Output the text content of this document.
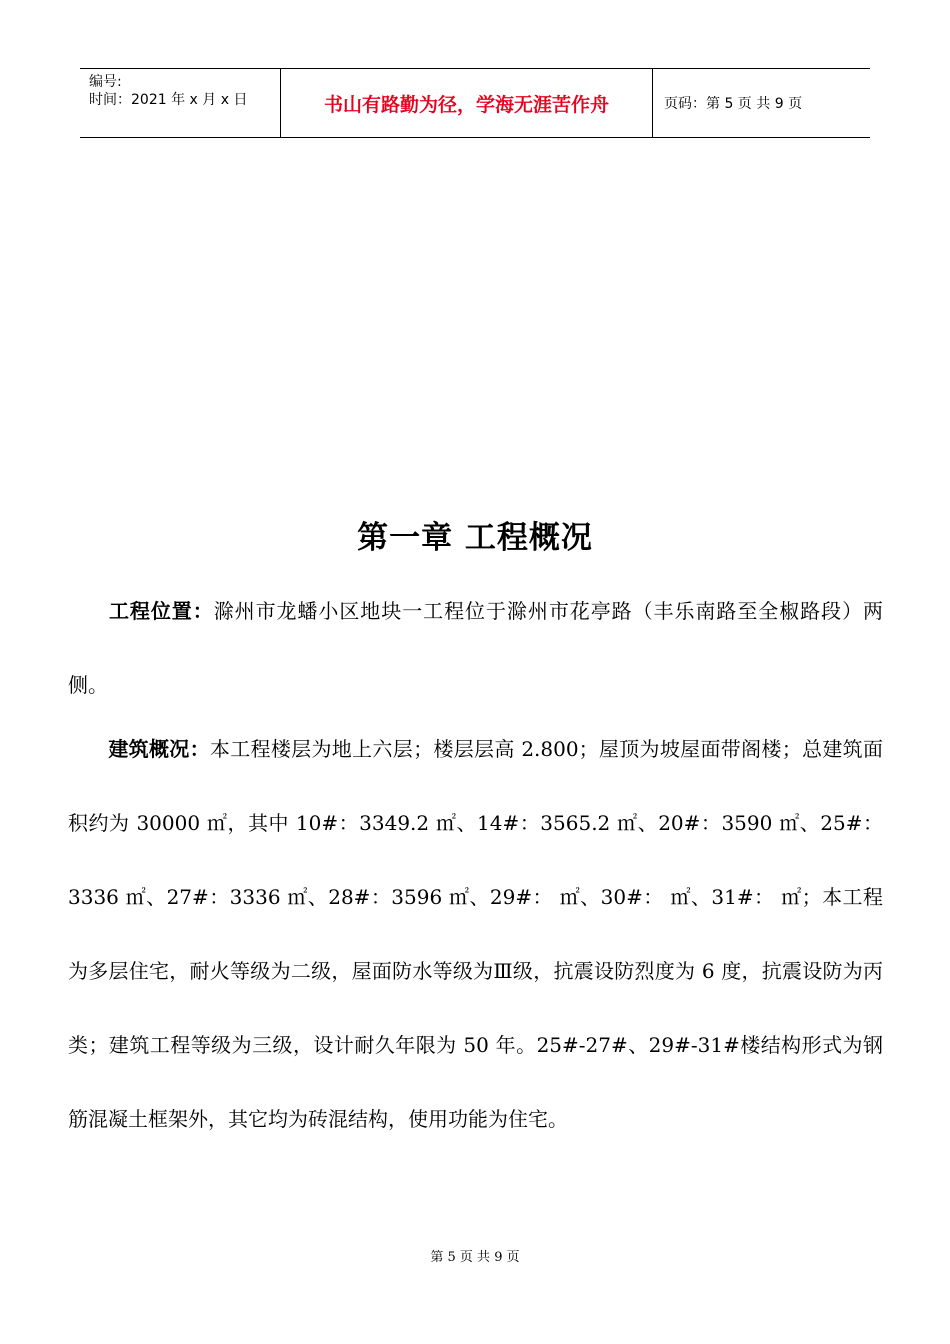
编号:
时间：2021 年 x 月 x 日	书山有路勤为径，学海无涯苦作舟	页码：第 5 页 共 9 页
第一章 工程概况
工程位置：滁州市龙蟠小区地块一工程位于滁州市花亭路（丰乐南路至全椒路段）两侧。
建筑概况：本工程楼层为地上六层；楼层层高 2.800；屋顶为坡屋面带阁楼；总建筑面积约为 30000 ㎡，其中 10#：3349.2 ㎡、14#：3565.2 ㎡、20#：3590 ㎡、25#：3336 ㎡、27#：3336 ㎡、28#：3596 ㎡、29#： ㎡、30#： ㎡、31#： ㎡；本工程为多层住宅，耐火等级为二级，屋面防水等级为Ⅲ级，抗震设防烈度为 6 度，抗震设防为丙类；建筑工程等级为三级，设计耐久年限为 50 年。25#-27#、29#-31#楼结构形式为钢筋混凝土框架外，其它均为砖混结构，使用功能为住宅。
第 5 页 共 9 页
